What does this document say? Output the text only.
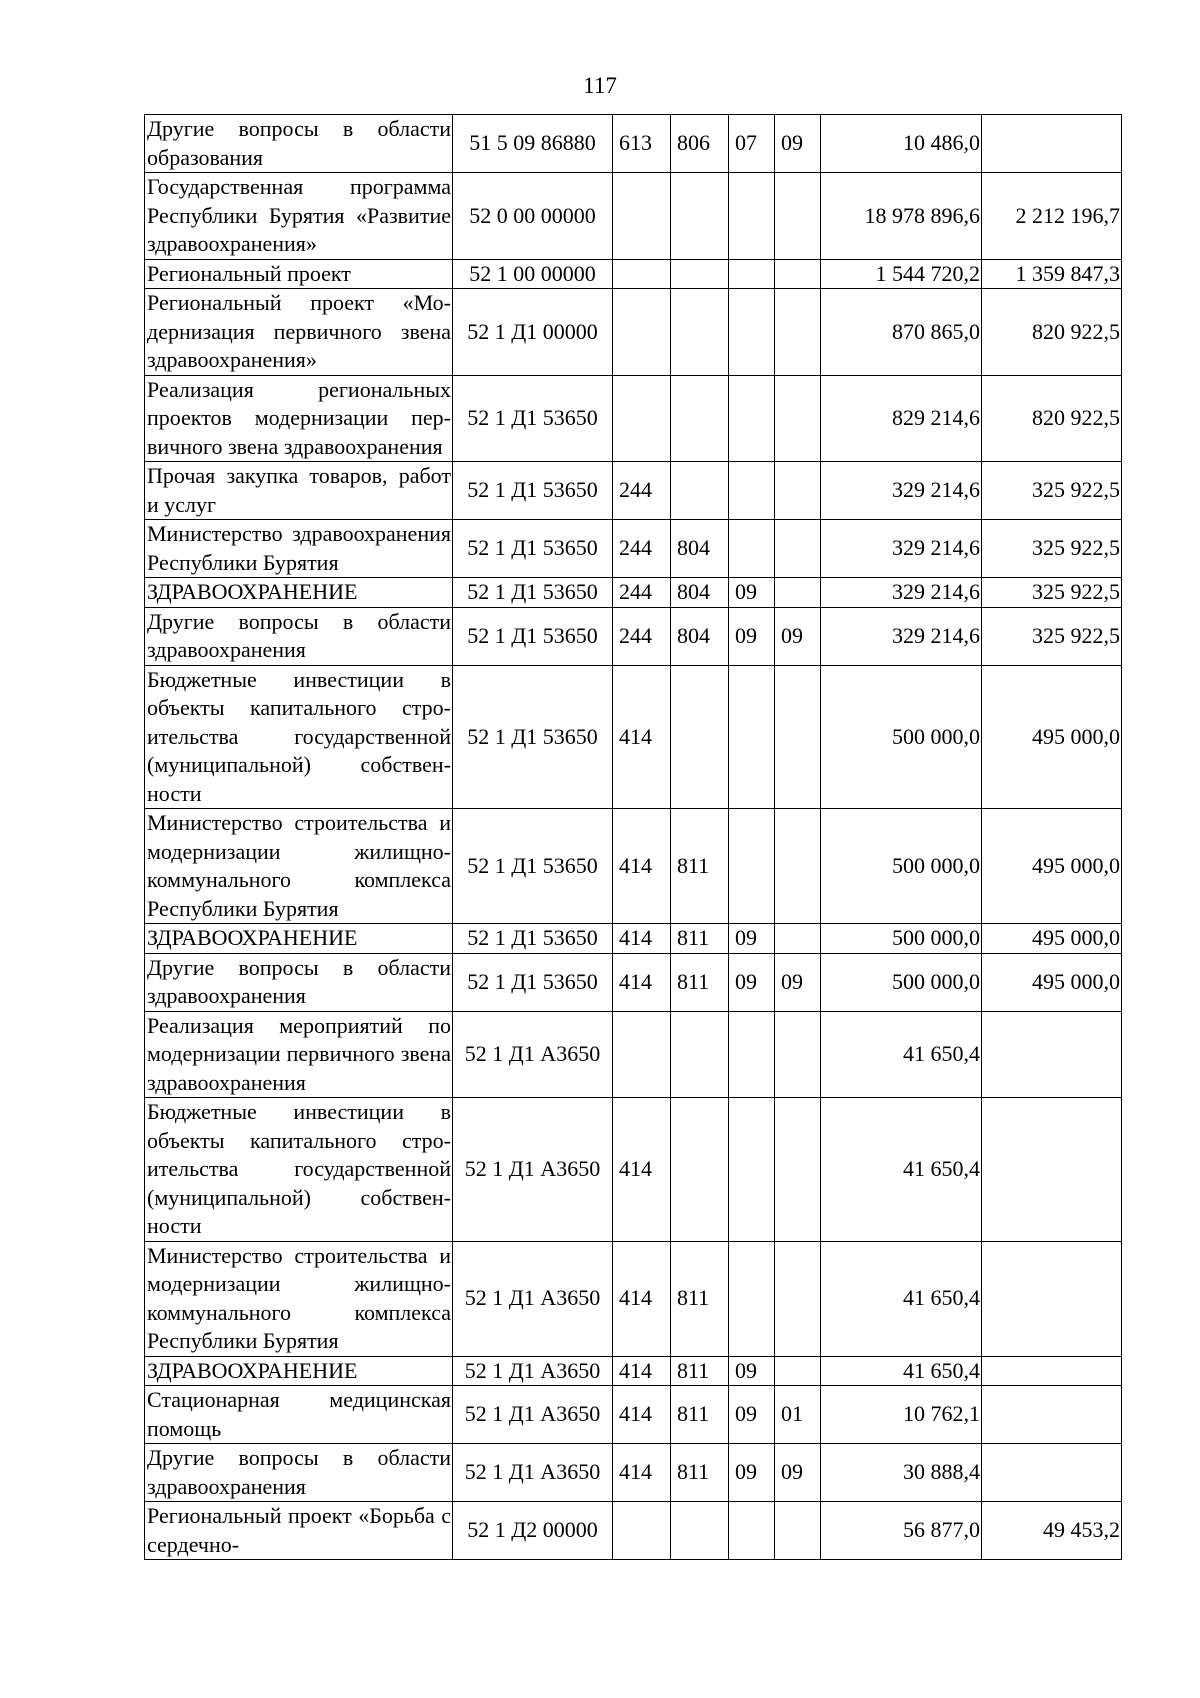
117
Другие вопросы в области образования	51 5 09 86880	613	806	07	09	10 486,0	
Государственная программа Республики Бурятия «Развитие здравоохранения»	52 0 00 00000					18 978 896,6	2 212 196,7
Региональный проект	52 1 00 00000					1 544 720,2	1 359 847,3
Региональный проект «Модернизация первичного звена здравоохранения»	52 1 Д1 00000					870 865,0	820 922,5
Реализация региональных проектов модернизации первичного звена здравоохранения	52 1 Д1 53650					829 214,6	820 922,5
Прочая закупка товаров, работ и услуг	52 1 Д1 53650	244				329 214,6	325 922,5
Министерство здравоохранения Республики Бурятия	52 1 Д1 53650	244	804			329 214,6	325 922,5
ЗДРАВООХРАНЕНИЕ	52 1 Д1 53650	244	804	09		329 214,6	325 922,5
Другие вопросы в области здравоохранения	52 1 Д1 53650	244	804	09	09	329 214,6	325 922,5
Бюджетные инвестиции в объекты капитального строительства государственной (муниципальной) собственности	52 1 Д1 53650	414				500 000,0	495 000,0
Министерство строительства и модернизации жилищно-коммунального комплекса Республики Бурятия	52 1 Д1 53650	414	811			500 000,0	495 000,0
ЗДРАВООХРАНЕНИЕ	52 1 Д1 53650	414	811	09		500 000,0	495 000,0
Другие вопросы в области здравоохранения	52 1 Д1 53650	414	811	09	09	500 000,0	495 000,0
Реализация мероприятий по модернизации первичного звена здравоохранения	52 1 Д1 А3650					41 650,4	
Бюджетные инвестиции в объекты капитального строительства государственной (муниципальной) собственности	52 1 Д1 А3650	414				41 650,4	
Министерство строительства и модернизации жилищно-коммунального комплекса Республики Бурятия	52 1 Д1 А3650	414	811			41 650,4	
ЗДРАВООХРАНЕНИЕ	52 1 Д1 А3650	414	811	09		41 650,4	
Стационарная медицинская помощь	52 1 Д1 А3650	414	811	09	01	10 762,1	
Другие вопросы в области здравоохранения	52 1 Д1 А3650	414	811	09	09	30 888,4	
Региональный проект «Борьба с сердечно-	52 1 Д2 00000					56 877,0	49 453,2
